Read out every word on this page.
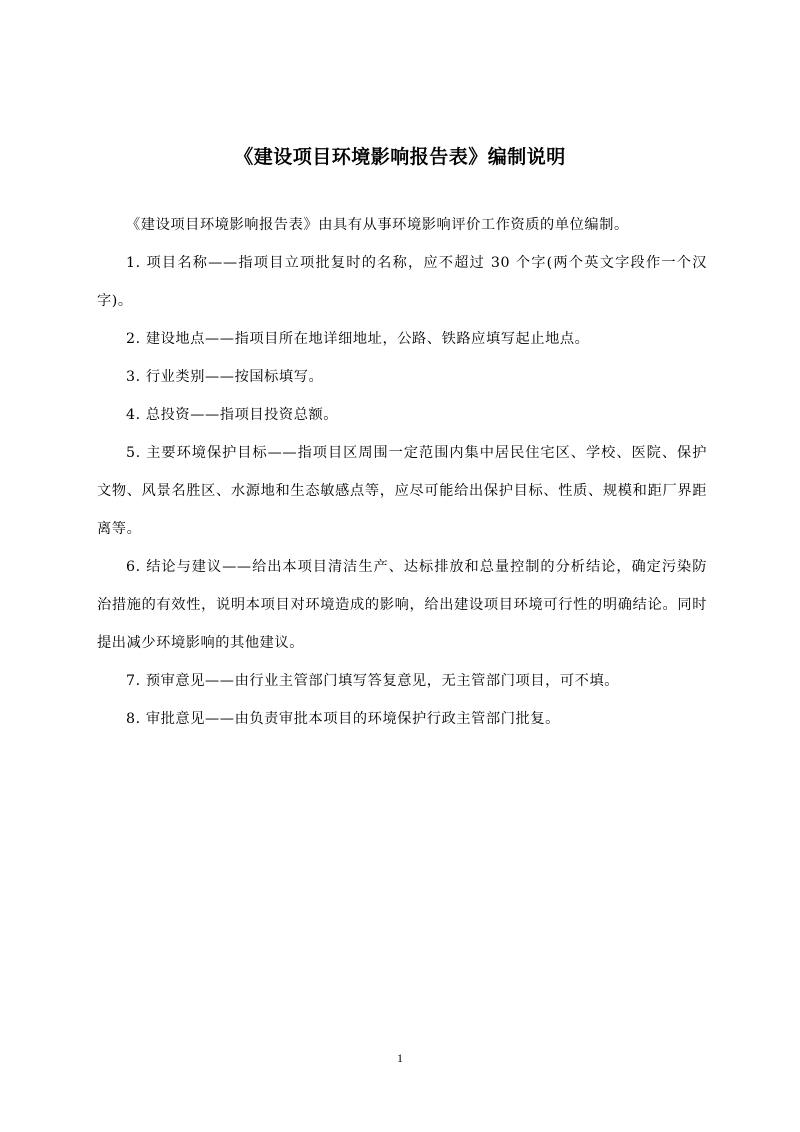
《建设项目环境影响报告表》编制说明

《建设项目环境影响报告表》由具有从事环境影响评价工作资质的单位编制。

1. 项目名称——指项目立项批复时的名称，应不超过 30 个字(两个英文字段作一个汉字)。

2. 建设地点——指项目所在地详细地址，公路、铁路应填写起止地点。

3. 行业类别——按国标填写。

4. 总投资——指项目投资总额。

5. 主要环境保护目标——指项目区周围一定范围内集中居民住宅区、学校、医院、保护文物、风景名胜区、水源地和生态敏感点等，应尽可能给出保护目标、性质、规模和距厂界距离等。

6. 结论与建议——给出本项目清洁生产、达标排放和总量控制的分析结论，确定污染防治措施的有效性，说明本项目对环境造成的影响，给出建设项目环境可行性的明确结论。同时提出减少环境影响的其他建议。

7. 预审意见——由行业主管部门填写答复意见，无主管部门项目，可不填。

8. 审批意见——由负责审批本项目的环境保护行政主管部门批复。

1
